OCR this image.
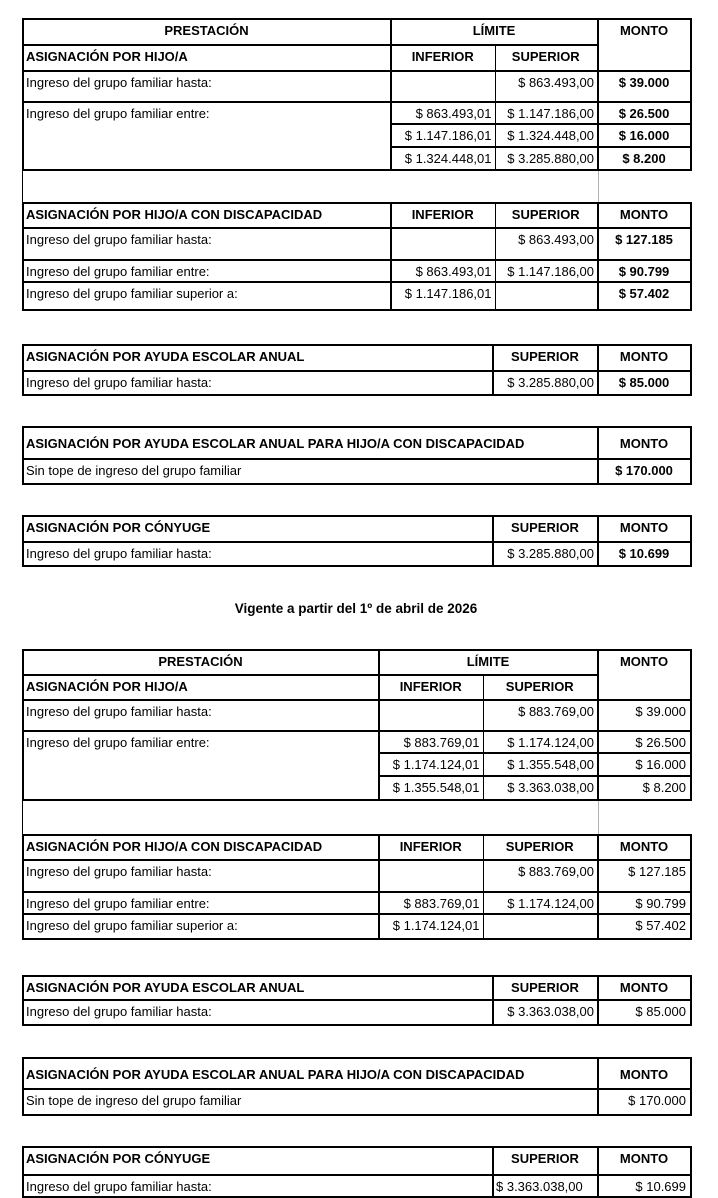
PRESTACIÓN	LÍMITE		MONTO
ASIGNACIÓN POR HIJO/A	INFERIOR	SUPERIOR	
Ingreso del grupo familiar hasta:		$ 863.493,00	$ 39.000
Ingreso del grupo familiar entre:	$ 863.493,01	$ 1.147.186,00	$ 26.500
	$ 1.147.186,01	$ 1.324.448,00	$ 16.000
	$ 1.324.448,01	$ 3.285.880,00	$ 8.200
ASIGNACIÓN POR HIJO/A CON DISCAPACIDAD	INFERIOR	SUPERIOR	MONTO
Ingreso del grupo familiar hasta:		$ 863.493,00	$ 127.185
Ingreso del grupo familiar entre:	$ 863.493,01	$ 1.147.186,00	$ 90.799
Ingreso del grupo familiar superior a:	$ 1.147.186,01		$ 57.402
ASIGNACIÓN POR AYUDA ESCOLAR ANUAL	SUPERIOR	MONTO
Ingreso del grupo familiar hasta:	$ 3.285.880,00	$ 85.000
ASIGNACIÓN POR AYUDA ESCOLAR ANUAL PARA HIJO/A CON DISCAPACIDAD	MONTO
Sin tope de ingreso del grupo familiar	$ 170.000
ASIGNACIÓN POR CÓNYUGE	SUPERIOR	MONTO
Ingreso del grupo familiar hasta:	$ 3.285.880,00	$ 10.699
Vigente a partir del 1º de abril de 2026
PRESTACIÓN	LÍMITE		MONTO
ASIGNACIÓN POR HIJO/A	INFERIOR	SUPERIOR	
Ingreso del grupo familiar hasta:		$ 883.769,00	$ 39.000
Ingreso del grupo familiar entre:	$ 883.769,01	$ 1.174.124,00	$ 26.500
	$ 1.174.124,01	$ 1.355.548,00	$ 16.000
	$ 1.355.548,01	$ 3.363.038,00	$ 8.200
ASIGNACIÓN POR HIJO/A CON DISCAPACIDAD	INFERIOR	SUPERIOR	MONTO
Ingreso del grupo familiar hasta:		$ 883.769,00	$ 127.185
Ingreso del grupo familiar entre:	$ 883.769,01	$ 1.174.124,00	$ 90.799
Ingreso del grupo familiar superior a:	$ 1.174.124,01		$ 57.402
ASIGNACIÓN POR AYUDA ESCOLAR ANUAL	SUPERIOR	MONTO
Ingreso del grupo familiar hasta:	$ 3.363.038,00	$ 85.000
ASIGNACIÓN POR AYUDA ESCOLAR ANUAL PARA HIJO/A CON DISCAPACIDAD	MONTO
Sin tope de ingreso del grupo familiar	$ 170.000
ASIGNACIÓN POR CÓNYUGE	SUPERIOR	MONTO
Ingreso del grupo familiar hasta:	$ 3.363.038,00	$ 10.699
